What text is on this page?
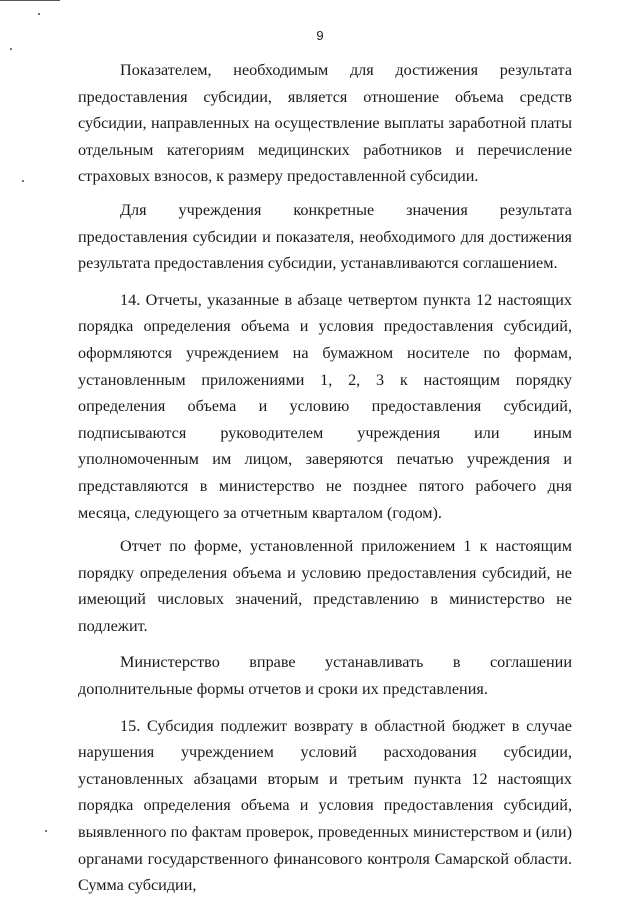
9

Показателем, необходимым для достижения результата предоставления субсидии, является отношение объема средств субсидии, направленных на осуществление выплаты заработной платы отдельным категориям медицинских работников и перечисление страховых взносов, к размеру предоставленной субсидии.

Для учреждения конкретные значения результата предоставления субсидии и показателя, необходимого для достижения результата предоставления субсидии, устанавливаются соглашением.

14. Отчеты, указанные в абзаце четвертом пункта 12 настоящих порядка определения объема и условия предоставления субсидий, оформляются учреждением на бумажном носителе по формам, установленным приложениями 1, 2, 3 к настоящим порядку определения объема и условию предоставления субсидий, подписываются руководителем учреждения или иным уполномоченным им лицом, заверяются печатью учреждения и представляются в министерство не позднее пятого рабочего дня месяца, следующего за отчетным кварталом (годом).

Отчет по форме, установленной приложением 1 к настоящим порядку определения объема и условию предоставления субсидий, не имеющий числовых значений, представлению в министерство не подлежит.

Министерство вправе устанавливать в соглашении дополнительные формы отчетов и сроки их представления.

15. Субсидия подлежит возврату в областной бюджет в случае нарушения учреждением условий расходования субсидии, установленных абзацами вторым и третьим пункта 12 настоящих порядка определения объема и условия предоставления субсидий, выявленного по фактам проверок, проведенных министерством и (или) органами государственного финансового контроля Самарской области. Сумма субсидии,
